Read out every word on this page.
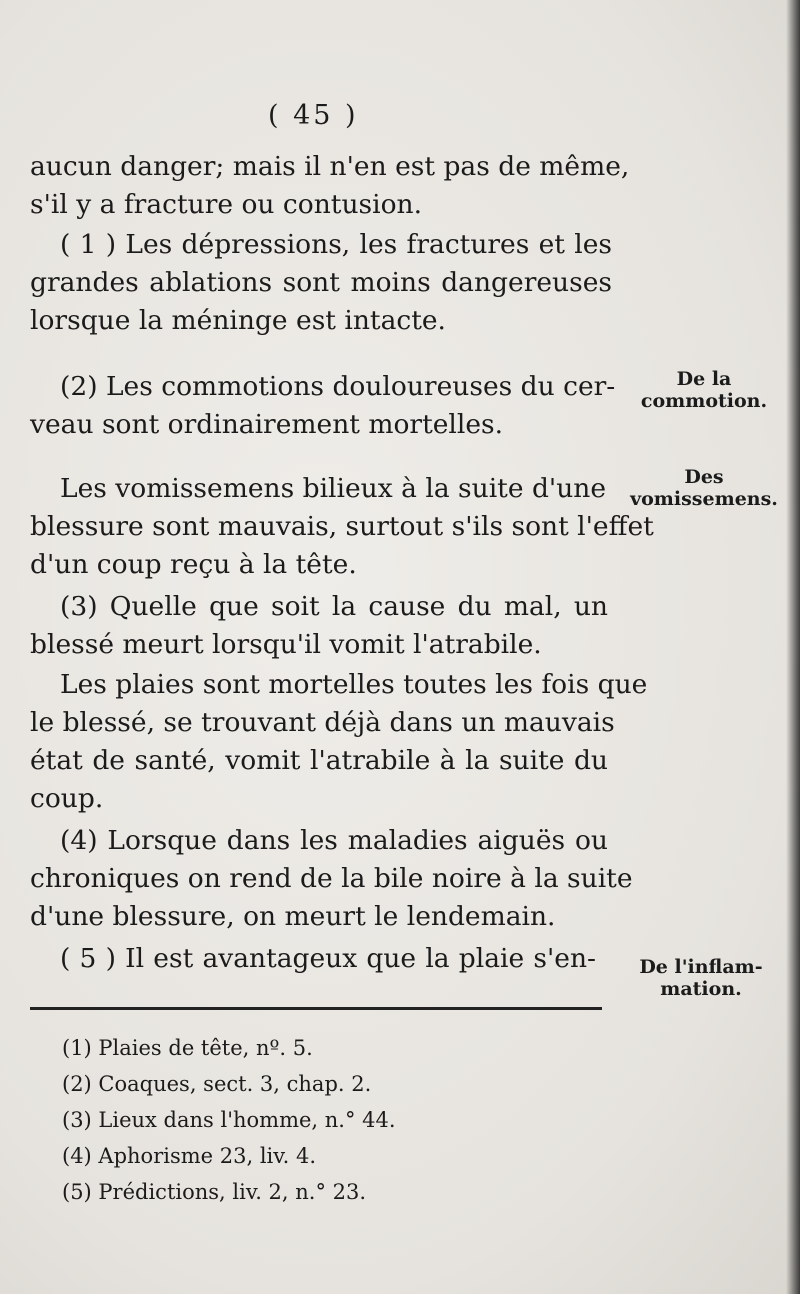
( 45 )
aucun danger; mais il n'en est pas de même,
s'il y a fracture ou contusion.
( 1 ) Les dépressions, les fractures et les
grandes ablations sont moins dangereuses
lorsque la méninge est intacte.
(2) Les commotions douloureuses du cer-
veau sont ordinairement mortelles.
Les vomissemens bilieux à la suite d'une
blessure sont mauvais, surtout s'ils sont l'effet
d'un coup reçu à la tête.
(3) Quelle que soit la cause du mal, un
blessé meurt lorsqu'il vomit l'atrabile.
Les plaies sont mortelles toutes les fois que
le blessé, se trouvant déjà dans un mauvais
état de santé, vomit l'atrabile à la suite du
coup.
(4) Lorsque dans les maladies aiguës ou
chroniques on rend de la bile noire à la suite
d'une blessure, on meurt le lendemain.
( 5 ) Il est avantageux que la plaie s'en-
De la
commotion.
Des
vomissemens.
De l'inflam-
mation.
(1) Plaies de tête, nº. 5.
(2) Coaques, sect. 3, chap. 2.
(3) Lieux dans l'homme, n.° 44.
(4) Aphorisme 23, liv. 4.
(5) Prédictions, liv. 2, n.° 23.
